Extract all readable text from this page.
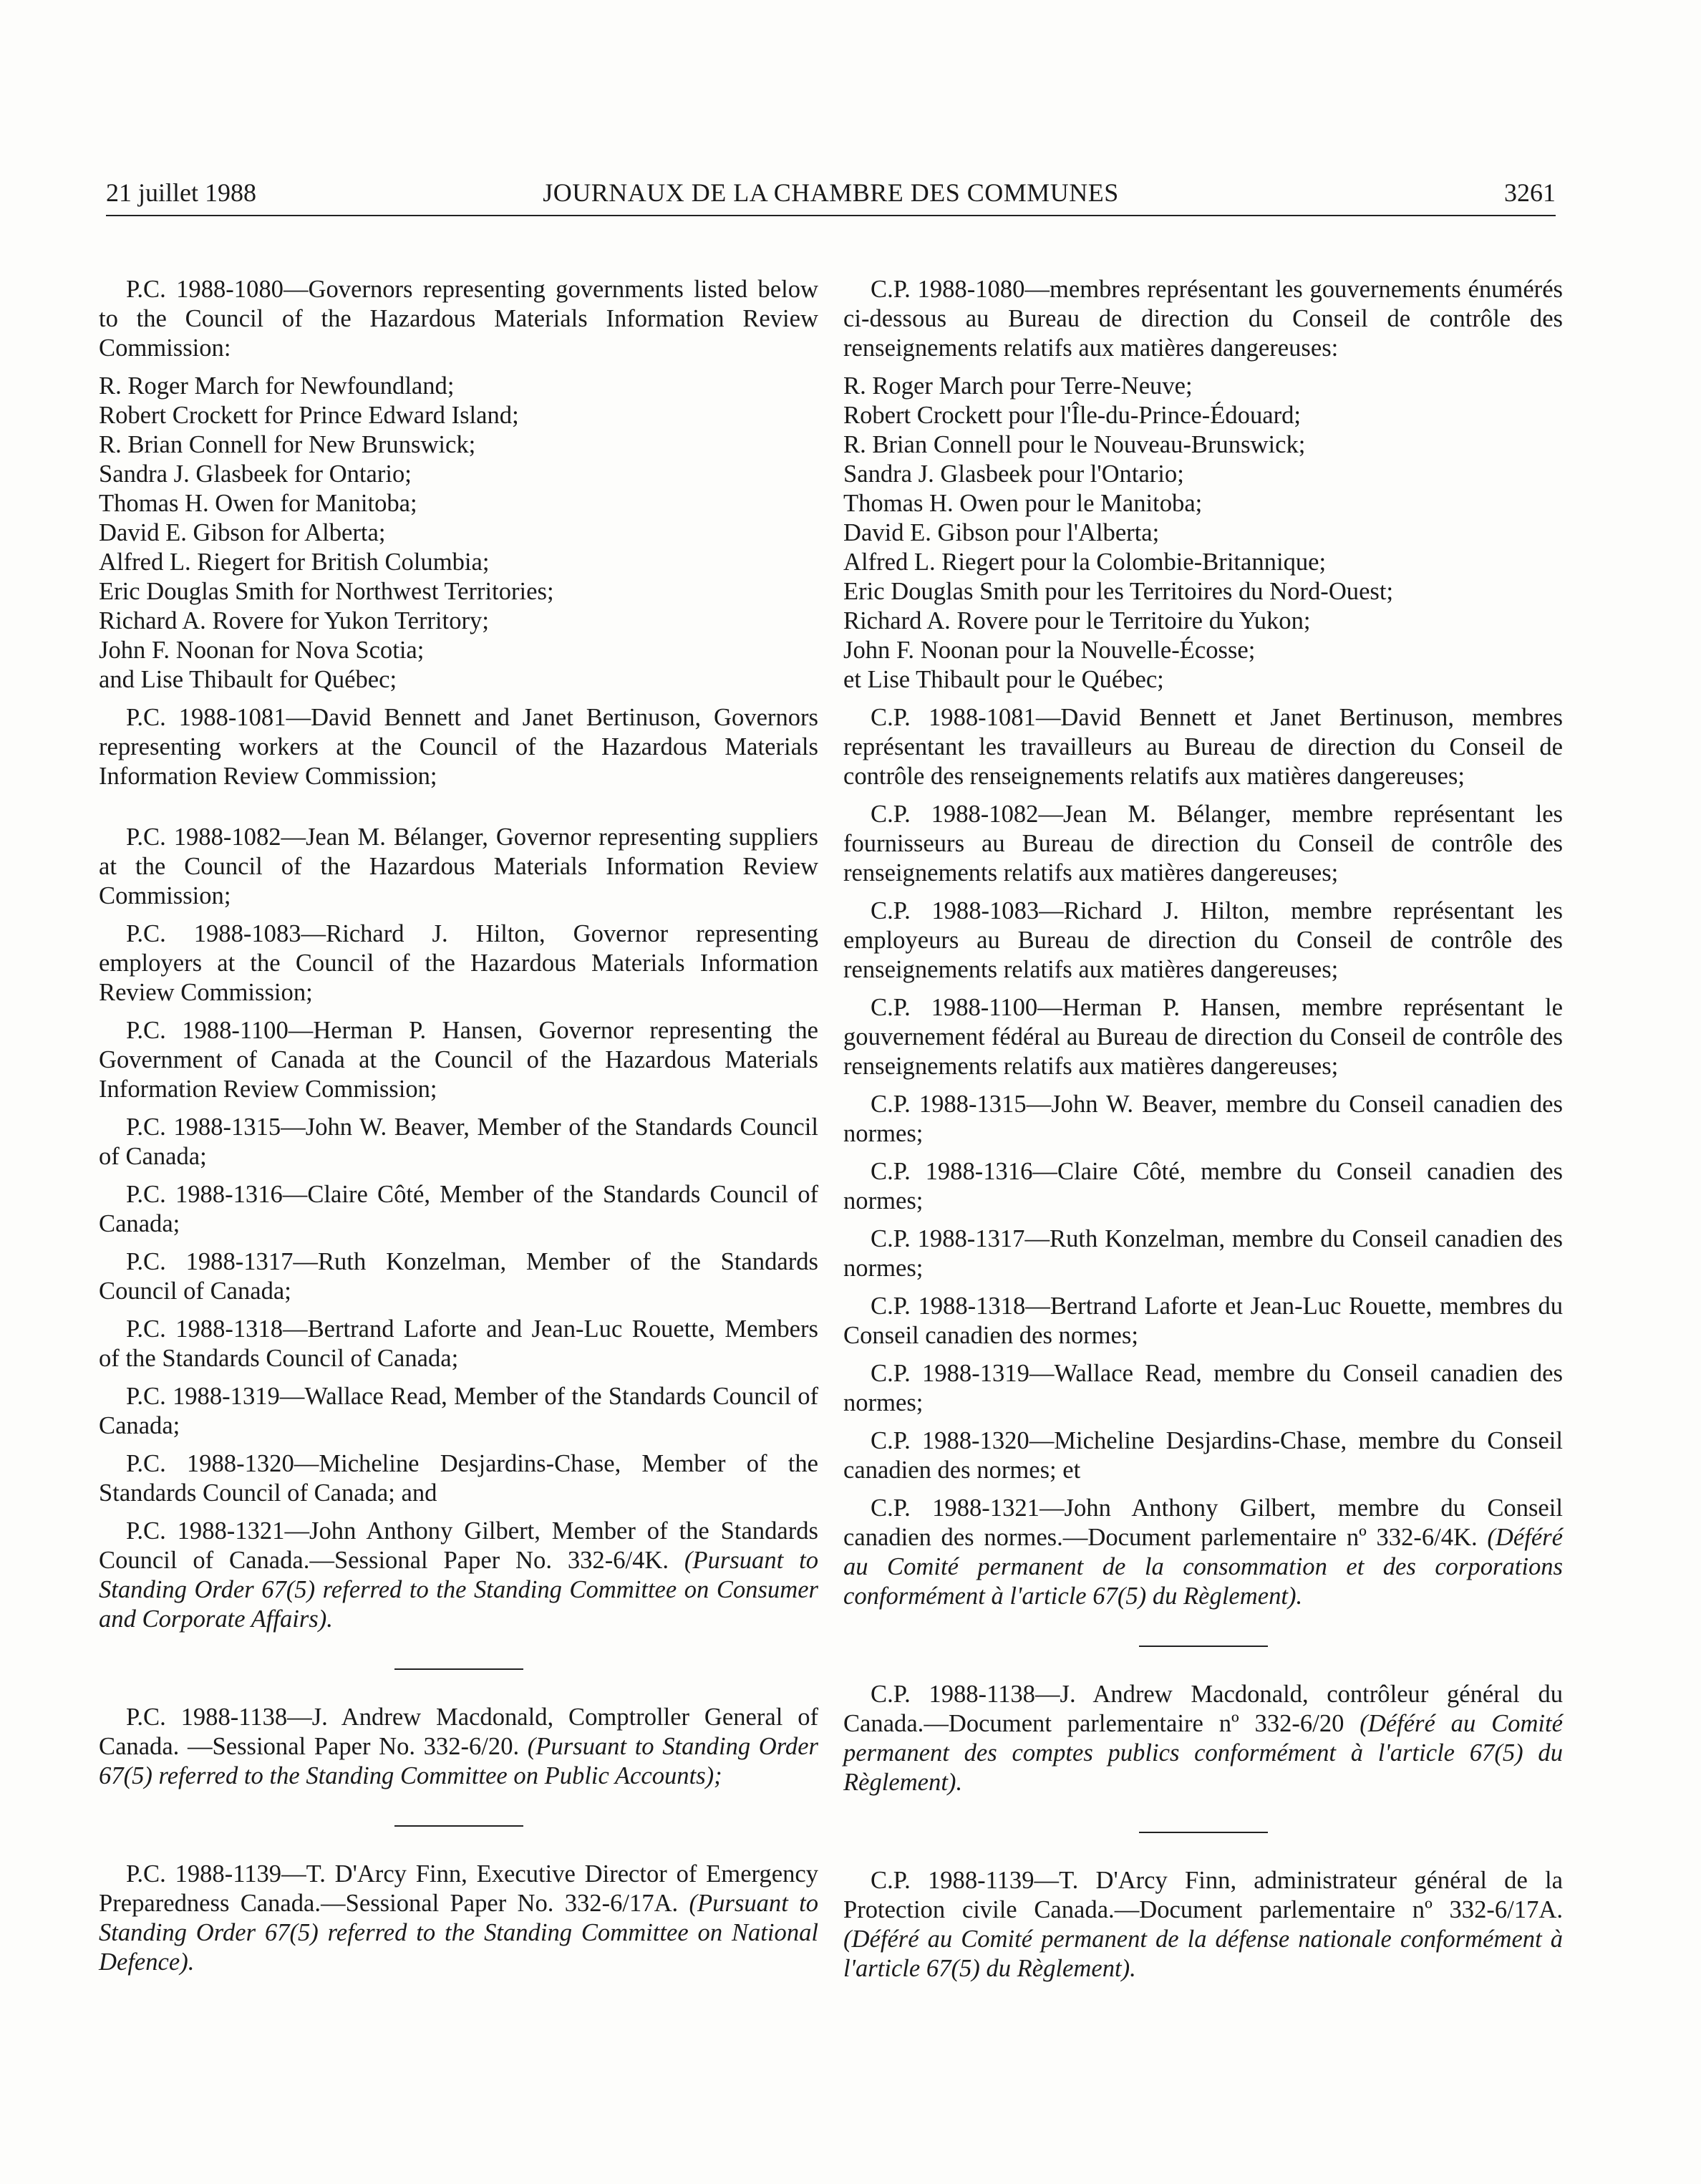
21 juillet 1988	JOURNAUX DE LA CHAMBRE DES COMMUNES	3261

P.C. 1988-1080—Governors representing governments listed below to the Council of the Hazardous Materials Information Review Commission:

R. Roger March for Newfoundland;
Robert Crockett for Prince Edward Island;
R. Brian Connell for New Brunswick;
Sandra J. Glasbeek for Ontario;
Thomas H. Owen for Manitoba;
David E. Gibson for Alberta;
Alfred L. Riegert for British Columbia;
Eric Douglas Smith for Northwest Territories;
Richard A. Rovere for Yukon Territory;
John F. Noonan for Nova Scotia;
and Lise Thibault for Québec;

P.C. 1988-1081—David Bennett and Janet Bertinuson, Governors representing workers at the Council of the Hazardous Materials Information Review Commission;

P.C. 1988-1082—Jean M. Bélanger, Governor representing suppliers at the Council of the Hazardous Materials Information Review Commission;

P.C. 1988-1083—Richard J. Hilton, Governor representing employers at the Council of the Hazardous Materials Information Review Commission;

P.C. 1988-1100—Herman P. Hansen, Governor representing the Government of Canada at the Council of the Hazardous Materials Information Review Commission;

P.C. 1988-1315—John W. Beaver, Member of the Standards Council of Canada;

P.C. 1988-1316—Claire Côté, Member of the Standards Council of Canada;

P.C. 1988-1317—Ruth Konzelman, Member of the Standards Council of Canada;

P.C. 1988-1318—Bertrand Laforte and Jean-Luc Rouette, Members of the Standards Council of Canada;

P.C. 1988-1319—Wallace Read, Member of the Standards Council of Canada;

P.C. 1988-1320—Micheline Desjardins-Chase, Member of the Standards Council of Canada; and

P.C. 1988-1321—John Anthony Gilbert, Member of the Standards Council of Canada.—Sessional Paper No. 332-6/4K. (Pursuant to Standing Order 67(5) referred to the Standing Committee on Consumer and Corporate Affairs).

P.C. 1988-1138—J. Andrew Macdonald, Comptroller General of Canada. —Sessional Paper No. 332-6/20. (Pursuant to Standing Order 67(5) referred to the Standing Committee on Public Accounts);

P.C. 1988-1139—T. D'Arcy Finn, Executive Director of Emergency Preparedness Canada.—Sessional Paper No. 332-6/17A. (Pursuant to Standing Order 67(5) referred to the Standing Committee on National Defence).

C.P. 1988-1080—membres représentant les gouvernements énumérés ci-dessous au Bureau de direction du Conseil de contrôle des renseignements relatifs aux matières dangereuses:

R. Roger March pour Terre-Neuve;
Robert Crockett pour l'Île-du-Prince-Édouard;
R. Brian Connell pour le Nouveau-Brunswick;
Sandra J. Glasbeek pour l'Ontario;
Thomas H. Owen pour le Manitoba;
David E. Gibson pour l'Alberta;
Alfred L. Riegert pour la Colombie-Britannique;
Eric Douglas Smith pour les Territoires du Nord-Ouest;
Richard A. Rovere pour le Territoire du Yukon;
John F. Noonan pour la Nouvelle-Écosse;
et Lise Thibault pour le Québec;

C.P. 1988-1081—David Bennett et Janet Bertinuson, membres représentant les travailleurs au Bureau de direction du Conseil de contrôle des renseignements relatifs aux matières dangereuses;

C.P. 1988-1082—Jean M. Bélanger, membre représentant les fournisseurs au Bureau de direction du Conseil de contrôle des renseignements relatifs aux matières dangereuses;

C.P. 1988-1083—Richard J. Hilton, membre représentant les employeurs au Bureau de direction du Conseil de contrôle des renseignements relatifs aux matières dangereuses;

C.P. 1988-1100—Herman P. Hansen, membre représentant le gouvernement fédéral au Bureau de direction du Conseil de contrôle des renseignements relatifs aux matières dangereuses;

C.P. 1988-1315—John W. Beaver, membre du Conseil canadien des normes;

C.P. 1988-1316—Claire Côté, membre du Conseil canadien des normes;

C.P. 1988-1317—Ruth Konzelman, membre du Conseil canadien des normes;

C.P. 1988-1318—Bertrand Laforte et Jean-Luc Rouette, membres du Conseil canadien des normes;

C.P. 1988-1319—Wallace Read, membre du Conseil canadien des normes;

C.P. 1988-1320—Micheline Desjardins-Chase, membre du Conseil canadien des normes; et

C.P. 1988-1321—John Anthony Gilbert, membre du Conseil canadien des normes.—Document parlementaire nº 332-6/4K. (Déféré au Comité permanent de la consommation et des corporations conformément à l'article 67(5) du Règlement).

C.P. 1988-1138—J. Andrew Macdonald, contrôleur général du Canada.—Document parlementaire nº 332-6/20 (Déféré au Comité permanent des comptes publics conformément à l'article 67(5) du Règlement).

C.P. 1988-1139—T. D'Arcy Finn, administrateur général de la Protection civile Canada.—Document parlementaire nº 332-6/17A. (Déféré au Comité permanent de la défense nationale conformément à l'article 67(5) du Règlement).
